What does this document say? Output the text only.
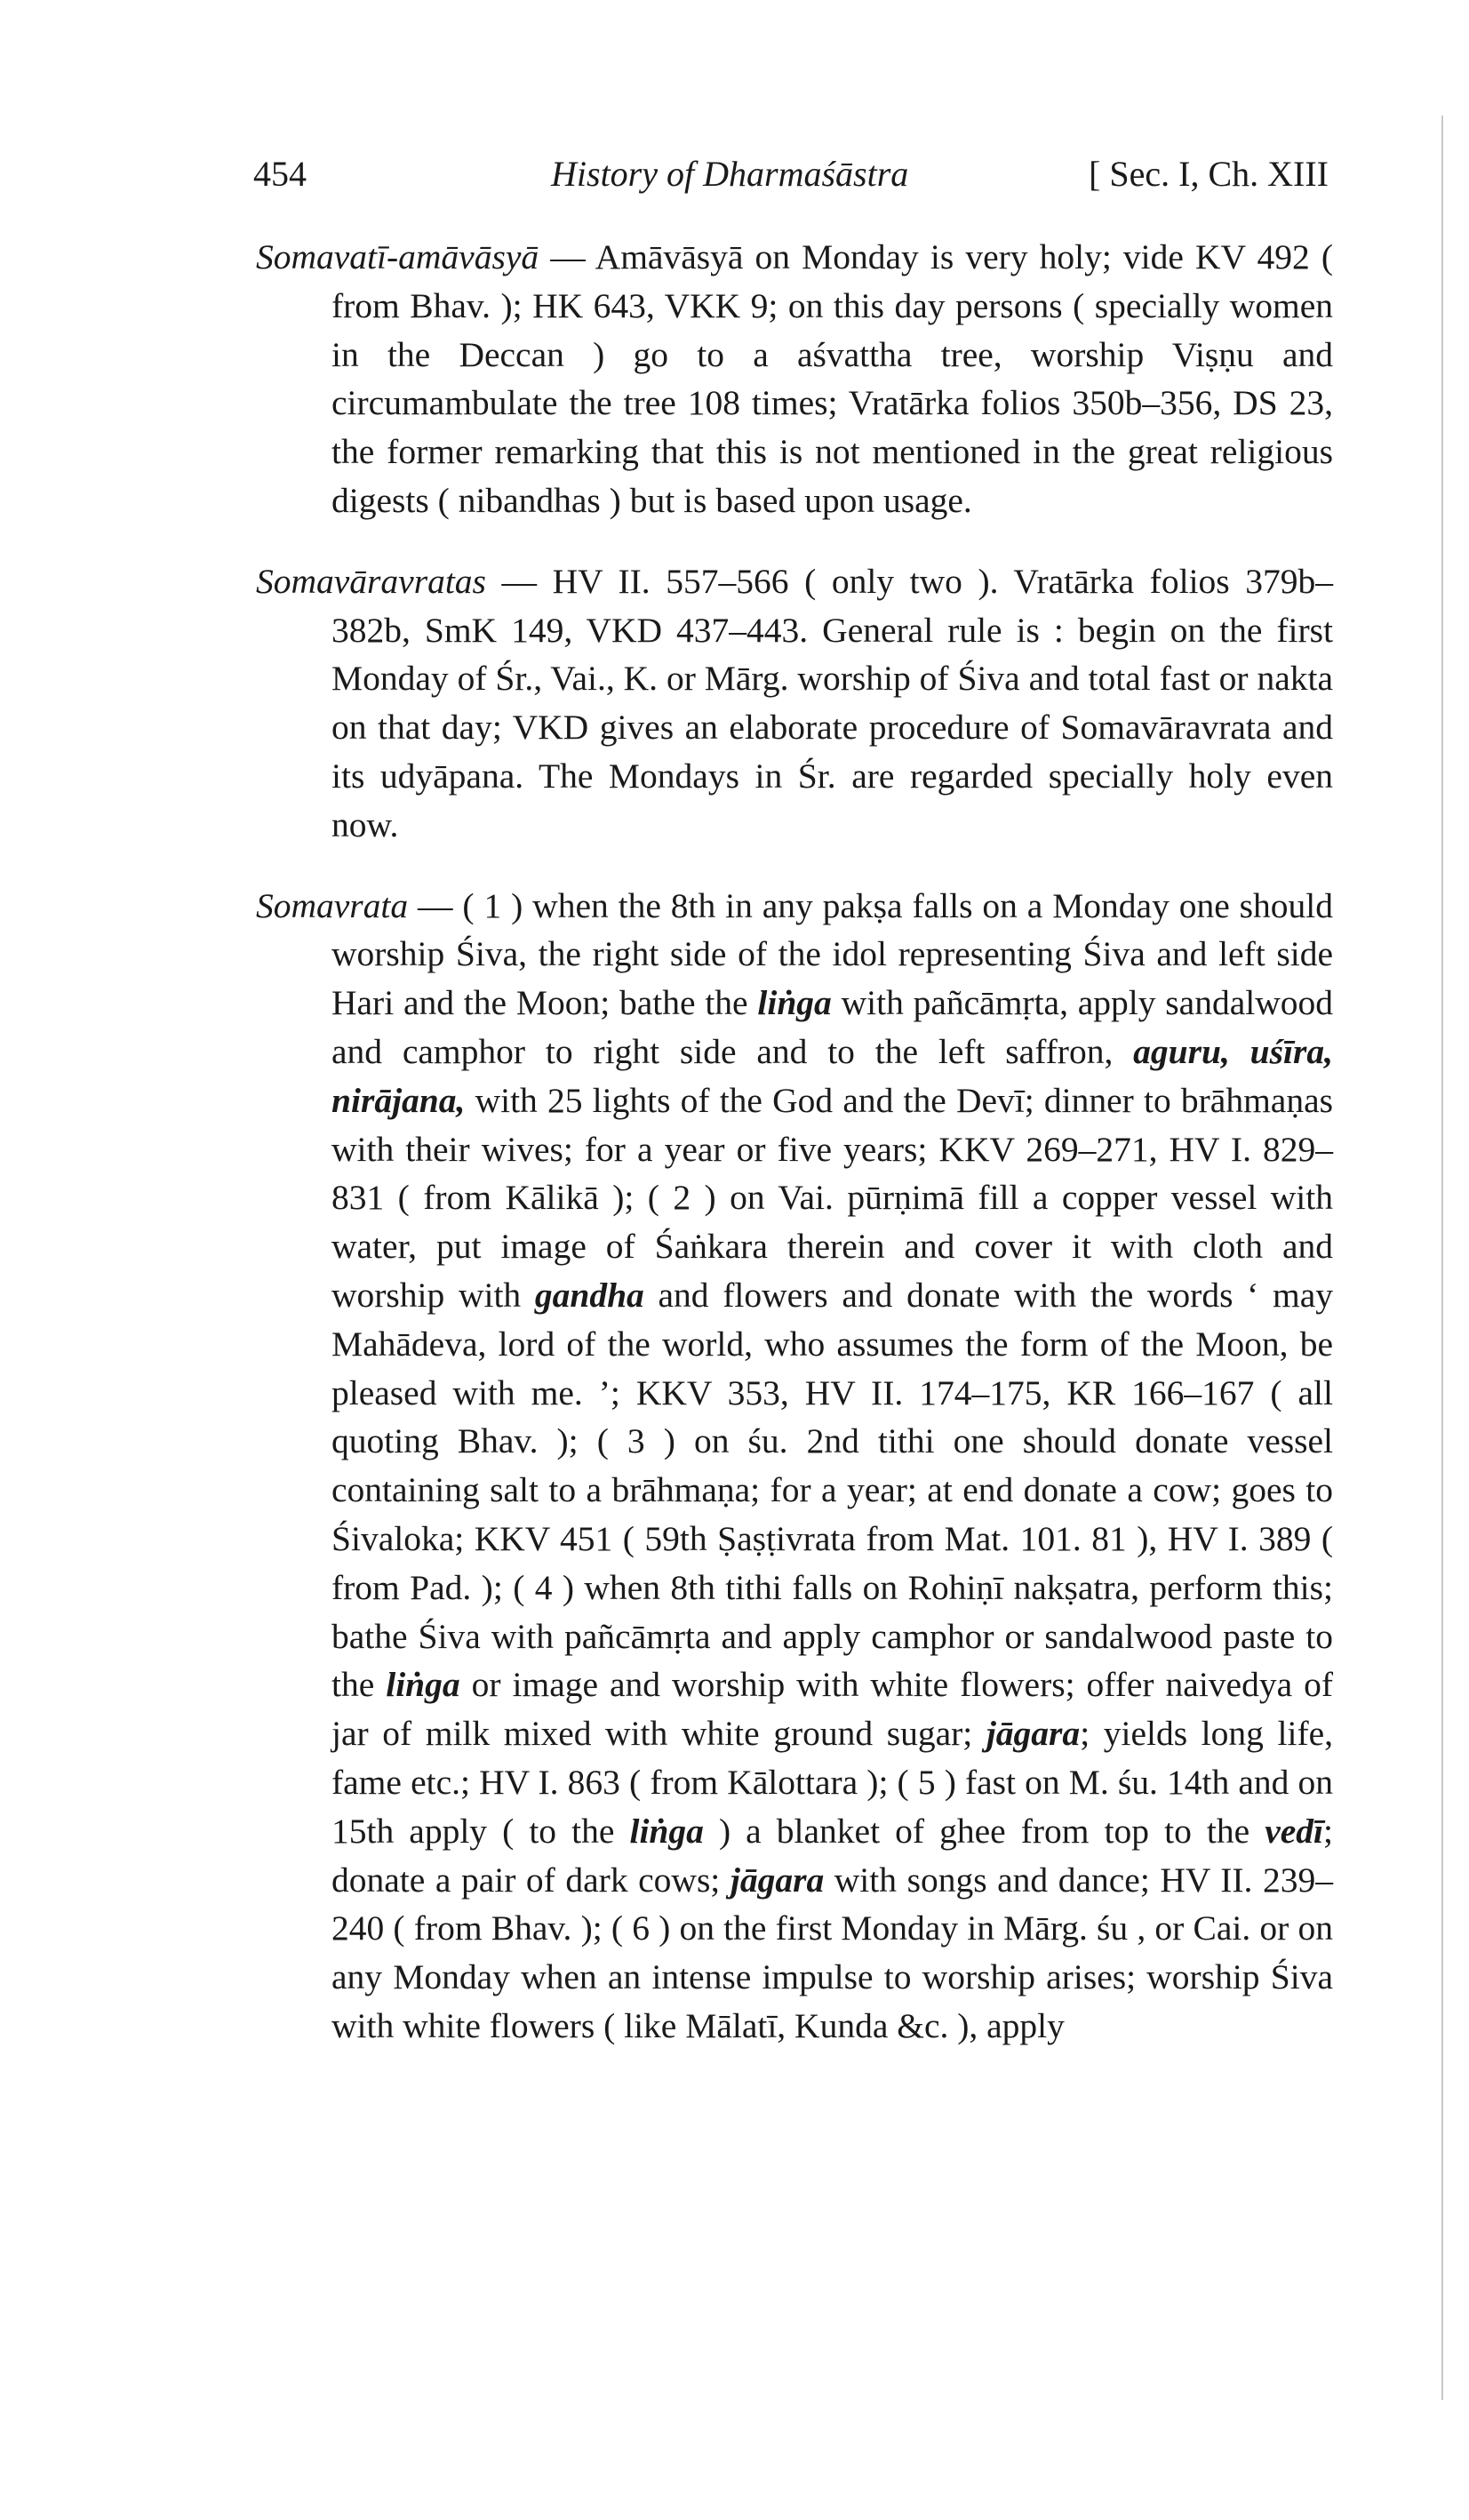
454	History of Dharmaśāstra	[ Sec. I, Ch. XIII

Somavatī-amāvāsyā — Amāvāsyā on Monday is very holy; vide KV 492 ( from Bhav. ); HK 643, VKK 9; on this day persons ( specially women in the Deccan ) go to a aśvattha tree, worship Viṣṇu and circumambulate the tree 108 times; Vratārka folios 350b–356, DS 23, the former remarking that this is not mentioned in the great religious digests ( nibandhas ) but is based upon usage.

Somavāravratas — HV II. 557–566 ( only two ). Vratārka folios 379b–382b, SmK 149, VKD 437–443. General rule is : begin on the first Monday of Śr., Vai., K. or Mārg. worship of Śiva and total fast or nakta on that day; VKD gives an elaborate procedure of Somavāravrata and its udyāpana. The Mondays in Śr. are regarded specially holy even now.

Somavrata — ( 1 ) when the 8th in any pakṣa falls on a Monday one should worship Śiva, the right side of the idol representing Śiva and left side Hari and the Moon; bathe the liṅga with pañcāmṛta, apply sandalwood and camphor to right side and to the left saffron, aguru, uśīra, nirājana, with 25 lights of the God and the Devī; dinner to brāhmaṇas with their wives; for a year or five years; KKV 269–271, HV I. 829–831 ( from Kālikā ); ( 2 ) on Vai. pūrṇimā fill a copper vessel with water, put image of Śaṅkara therein and cover it with cloth and worship with gandha and flowers and donate with the words ‘ may Mahādeva, lord of the world, who assumes the form of the Moon, be pleased with me. ’; KKV 353, HV II. 174–175, KR 166–167 ( all quoting Bhav. ); ( 3 ) on śu. 2nd tithi one should donate vessel containing salt to a brāhmaṇa; for a year; at end donate a cow; goes to Śivaloka; KKV 451 ( 59th Ṣaṣṭivrata from Mat. 101. 81 ), HV I. 389 ( from Pad. ); ( 4 ) when 8th tithi falls on Rohiṇī nakṣatra, perform this; bathe Śiva with pañcāmṛta and apply camphor or sandalwood paste to the liṅga or image and worship with white flowers; offer naivedya of jar of milk mixed with white ground sugar; jāgara; yields long life, fame etc.; HV I. 863 ( from Kālottara ); ( 5 ) fast on M. śu. 14th and on 15th apply ( to the liṅga ) a blanket of ghee from top to the vedī; donate a pair of dark cows; jāgara with songs and dance; HV II. 239–240 ( from Bhav. ); ( 6 ) on the first Monday in Mārg. śu , or Cai. or on any Monday when an intense impulse to worship arises; worship Śiva with white flowers ( like Mālatī, Kunda &c. ), apply
